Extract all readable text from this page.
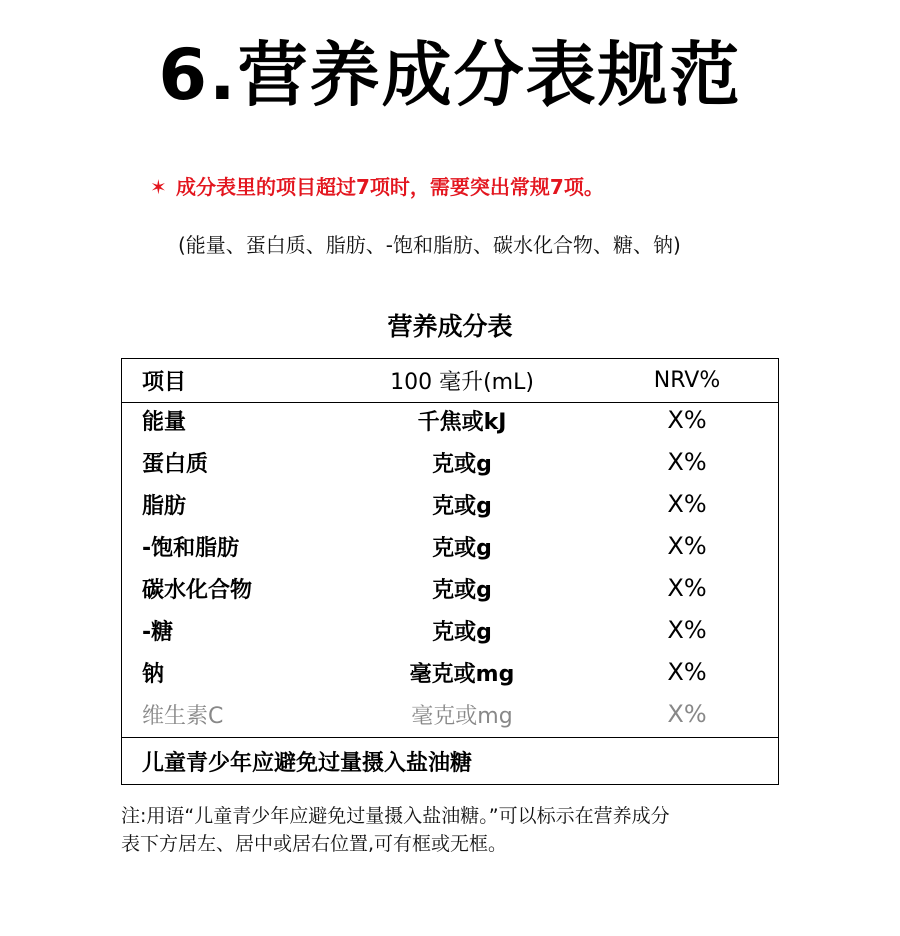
6.营养成分表规范
✶ 成分表里的项目超过7项时，需要突出常规7项。
(能量、蛋白质、脂肪、-饱和脂肪、碳水化合物、糖、钠)
营养成分表
项目	100 毫升(mL)	NRV%
能量	千焦或kJ	X%
蛋白质	克或g	X%
脂肪	克或g	X%
-饱和脂肪	克或g	X%
碳水化合物	克或g	X%
-糖	克或g	X%
钠	毫克或mg	X%
维生素C	毫克或mg	X%
儿童青少年应避免过量摄入盐油糖
注:用语“儿童青少年应避免过量摄入盐油糖。”可以标示在营养成分
表下方居左、居中或居右位置,可有框或无框。
